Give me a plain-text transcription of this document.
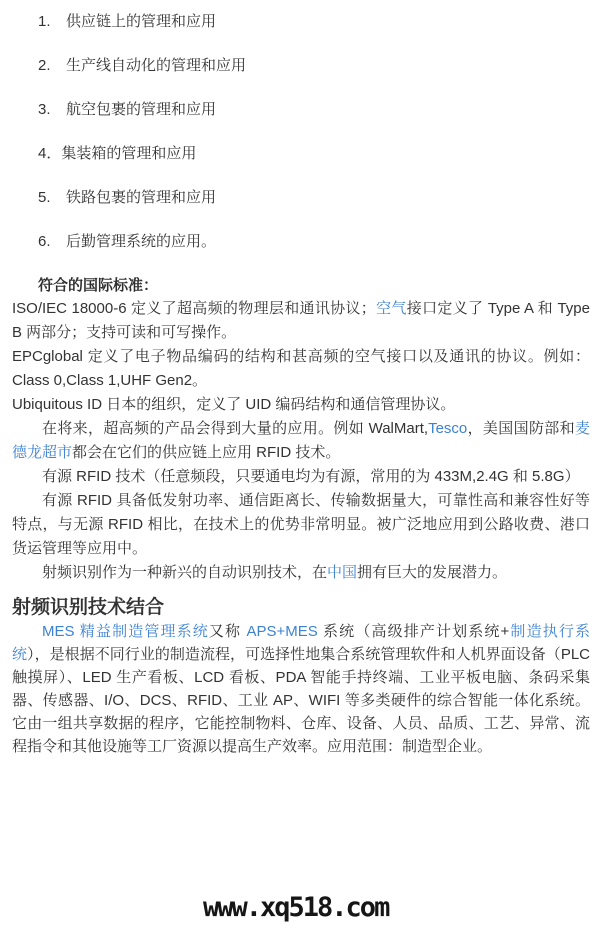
1. 供应链上的管理和应用
2. 生产线自动化的管理和应用
3. 航空包裹的管理和应用
4．集装箱的管理和应用
5. 铁路包裹的管理和应用
6. 后勤管理系统的应用。

符合的国际标准：

ISO/IEC 18000-6 定义了超高频的物理层和通讯协议；空气接口定义了 Type A 和 Type B 两部分；支持可读和可写操作。

EPCglobal 定义了电子物品编码的结构和甚高频的空气接口以及通讯的协议。例如：Class 0,Class 1,UHF Gen2。

Ubiquitous ID 日本的组织，定义了 UID 编码结构和通信管理协议。

在将来，超高频的产品会得到大量的应用。例如 WalMart,Tesco，美国国防部和麦德龙超市都会在它们的供应链上应用 RFID 技术。

有源 RFID 技术（任意频段，只要通电均为有源，常用的为 433M,2.4G 和 5.8G）

有源 RFID 具备低发射功率、通信距离长、传输数据量大，可靠性高和兼容性好等特点，与无源 RFID 相比，在技术上的优势非常明显。被广泛地应用到公路收费、港口货运管理等应用中。

射频识别作为一种新兴的自动识别技术，在中国拥有巨大的发展潜力。

射频识别技术结合

MES 精益制造管理系统又称 APS+MES 系统（高级排产计划系统+制造执行系统），是根据不同行业的制造流程，可选择性地集合系统管理软件和人机界面设备（PLC 触摸屏）、LED 生产看板、LCD 看板、PDA 智能手持终端、工业平板电脑、条码采集器、传感器、I/O、DCS、RFID、工业 AP、WIFI 等多类硬件的综合智能一体化系统。它由一组共享数据的程序，它能控制物料、仓库、设备、人员、品质、工艺、异常、流程指令和其他设施等工厂资源以提高生产效率。应用范围：制造型企业。

www.xq518.com
